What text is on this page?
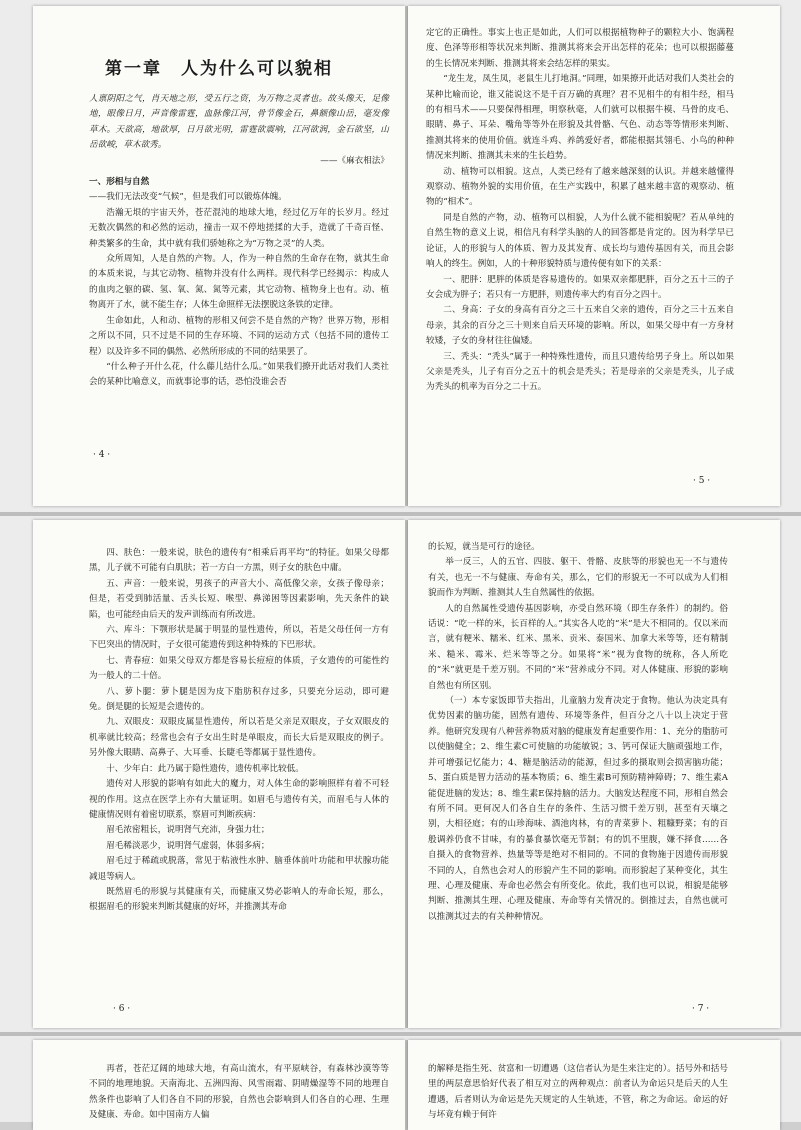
第一章　人为什么可以貌相

人禀阴阳之气，肖天地之形，受五行之资，为万物之灵者也。故头像天，足像地，眼像日月，声音像雷霆，血脉像江河，骨节像金石，鼻额像山岳，毫发像草木。天欲高，地欲厚，日月欲光明，雷霆欲震响，江河欲润，金石欲坚，山岳欲峻，草木欲秀。

——《麻衣相法》

一、形相与自然

——我们无法改变“气候”，但是我们可以锻炼体魄。

浩瀚无垠的宇宙天外，苍茫混沌的地球大地，经过亿万年的长岁月。经过无数次偶然的和必然的运动，撞击一双不停地搓揉的大手，造就了千奇百怪、种类繁多的生命，其中就有我们骄她称之为“万物之灵”的人类。

众所周知，人是自然的产物。人，作为一种自然的生命存在物，就其生命的本质来说，与其它动物、植物并没有什么两样。现代科学已经揭示：构成人的血肉之躯的碳、氢、氧、氮、氮等元素，其它动物、植物身上也有。动、植物离开了水，就不能生存；人体生命照样无法摆脱这条铁的定律。

生命如此，人和动、植物的形相又何尝不是自然的产物？世界万物，形相之所以不同，只不过是不同的生存环境、不同的运动方式（包括不同的遗传工程）以及许多不同的偶然、必然所形成的不同的结果罢了。

“什么种子开什么花，什么藤儿结什么瓜。”如果我们撩开此话对我们人类社会的某种比喻意义，而就事论事的话，恐怕没谁会否

· 4 ·

定它的正确性。事实上也正是如此，人们可以根据植物种子的颗粒大小、饱满程度、色泽等形相等状况来判断、推测其将来会开出怎样的花朵；也可以根据藤蔓的生长情况来判断、推测其将来会结怎样的果实。

“龙生龙，凤生凤，老鼠生儿打地洞。”同理，如果撩开此话对我们人类社会的某种比喻而论，谁又能说这不是千百万确的真理？君不见相牛的有相牛经，相马的有相马术——只要保得相理，明察秋毫，人们就可以根据牛模、马骨的皮毛、眼睛、鼻子、耳朵、嘴角等等外在形貌及其骨骼、气色、动态等等情形来判断、推测其将来的使用价值。就连斗鸡、养鸽爱好者，都能根据其翎毛、小鸟的种种情况来判断、推测其未来的生长趋势。

动、植物可以相貌。这点，人类已经有了越来越深刻的认识。并越来越懂得观察动、植物外貌的实用价值，在生产实践中，积累了越来越丰富的观察动、植物的“相术”。

同是自然的产物，动、植物可以相貌，人为什么就不能相貌呢？若从单纯的自然生物的意义上说，相信凡有科学头脑的人的回答都是肯定的。因为科学早已论证，人的形貌与人的体质、智力及其发育、成长均与遗传基因有关，而且会影响人的终生。例如，人的十种形貌特质与遗传便有如下的关系：

一、肥胖：肥胖的体质是容易遗传的。如果双亲都肥胖，百分之五十三的子女会成为胖子；若只有一方肥胖，则遗传率大约有百分之四十。

二、身高：子女的身高有百分之三十五来自父亲的遗传，百分之三十五来自母亲，其余的百分之三十则来自后天环境的影响。所以，如果父母中有一方身材较矮，子女的身材往往偏矮。

三、秃头：“秃头”属于一种特殊性遗传，而且只遗传给男子身上。所以如果父亲是秃头，儿子有百分之五十的机会是秃头；若是母亲的父亲是秃头，儿子成为秃头的机率为百分之二十五。

· 5 ·

四、肤色：一般来说，肤色的遗传有“相乘后再平均”的特征。如果父母都黑，儿子就不可能有白肌肤；若一方白一方黑，则子女的肤色中庸。

五、声音：一般来说，男孩子的声音大小、高低像父亲，女孩子像母亲；但是，若受到肺活量、舌头长短、喉型、鼻涕困等因素影响，先天条件的缺陷，也可能经由后天的发声训练而有所改进。

六、库斗：下颚形状是属于明显的显性遗传，所以，若是父母任何一方有下巴突出的情况时，子女很可能遗传到这种特殊的下巴形状。

七、青春痘：如果父母双方都是容易长痘痘的体质，子女遗传的可能性约为一般人的二十倍。

八、萝卜腿：萝卜腿是因为皮下脂肪积存过多，只要充分运动，即可避免。倒是腿的长短是会遗传的。

九、双眼皮：双眼皮属显性遗传，所以若是父亲足双眼皮，子女双眼皮的机率就比较高；经常也会有子女出生时是单眼皮，而长大后是双眼皮的例子。另外像大眼睛、高鼻子、大耳垂、长睫毛等都属于显性遗传。

十、少年白：此乃属于隐性遗传，遗传机率比较低。

遗传对人形貌的影响有如此大的魔力，对人体生命的影响照样有着不可轻视的作用。这点在医学上亦有大量证明。如眉毛与遗传有关，而眉毛与人体的健康情况则有着密切联系，察眉可判断疾病：

眉毛浓密粗长，说明肾气充沛，身强力壮；

眉毛稀淡恶少，说明肾气虚弱，体弱多病；

眉毛过于稀疏或脱落，常见于粘液性水肿、脑垂体前叶功能和甲状腺功能减退等病人。

既然眉毛的形貌与其健康有关，而健康又势必影响人的寿命长短，那么，根据眉毛的形貌来判断其健康的好坏，并推测其寿命

· 6 ·

的长短，就当是可行的途径。

举一反三，人的五官、四肢、躯干、骨骼、皮肤等的形貌也无一不与遗传有关，也无一不与健康、寿命有关，那么，它们的形貌无一不可以成为人们相貌而作为判断、推测其人生自然属性的依据。

人的自然属性受遗传基因影响，亦受自然环境（即生存条件）的制约。俗话说：“吃一样的米，长百样的人。”其实各人吃的“米”是大不相同的。仅以米而言，就有粳米、糯米、红米、黑米、贡米、泰国米、加拿大米等等，还有精制米、糙米、霉米、烂米等等之分。如果将“米”视为食物的统称，各人所吃的“米”就更是千差万别。不同的“米”营养成分不同。对人体健康、形貌的影响自然也有所区别。

（一）本专家饭即节夫指出，儿童脑力发育决定于食物。他认为决定具有优势因素的脑功能，固然有遗传、环境等条件，但百分之八十以上决定于营养。他研究发现有八种营养物质对脑的健康发育起重要作用：1、充分的脂肪可以使脑健全；2、维生素C可使脑的功能敏锐；3、钙可保证大脑顽强地工作，并可增强记忆能力；4、糖是脑活动的能源，但过多的摄取则会损害脑功能；5、蛋白质是智力活动的基本物质；6、维生素B可预防精神障碍；7、维生素A能促进脑的发达；8、维生素E保持脑的活力。大脑发达程度不同，形相自然会有所不同。更何况人们各自生存的条件、生活习惯千差万别，甚至有天壤之别，大相径庭；有的山珍海味、酒池肉林，有的青菜萝卜、粗糠野菜；有的百般调养仍食不甘味，有的暴食暴饮毫无节制；有的饥不里腹，嫌不择食……各自摄入的食物营养、热量等等是绝对不相同的。不同的食物施于因遗传而形貌不同的人，自然也会对人的形貌产生不同的影响。而形貌起了某种变化，其生理、心理及健康、寿命也必然会有所变化。依此，我们也可以说，相貌是能够判断、推测其生理、心理及健康、寿命等有关情况的。倒推过去，自然也就可以推测其过去的有关种种情况。

· 7 ·

再者，苍茫辽阔的地球大地，有高山流水，有平原峡谷，有森林沙漠等等不同的地理地貌。天南海北、五洲四海、风雪雨霜、阴晴燥湿等不同的地理自然条件也影响了人们各自不同的形貌，自然也会影响到人们各自的心理、生理及健康、寿命。如中国南方人偏

的解释是指生死、贫富和一切遭遇（这信者认为是生来注定的）。括号外和括号里的两层意思恰好代表了相互对立的两种观点：前者认为命运只是后天的人生遭遇，后者则认为命运是先天规定的人生轨迹，不管，称之为命运。命运的好与坏竟有赖于何许
